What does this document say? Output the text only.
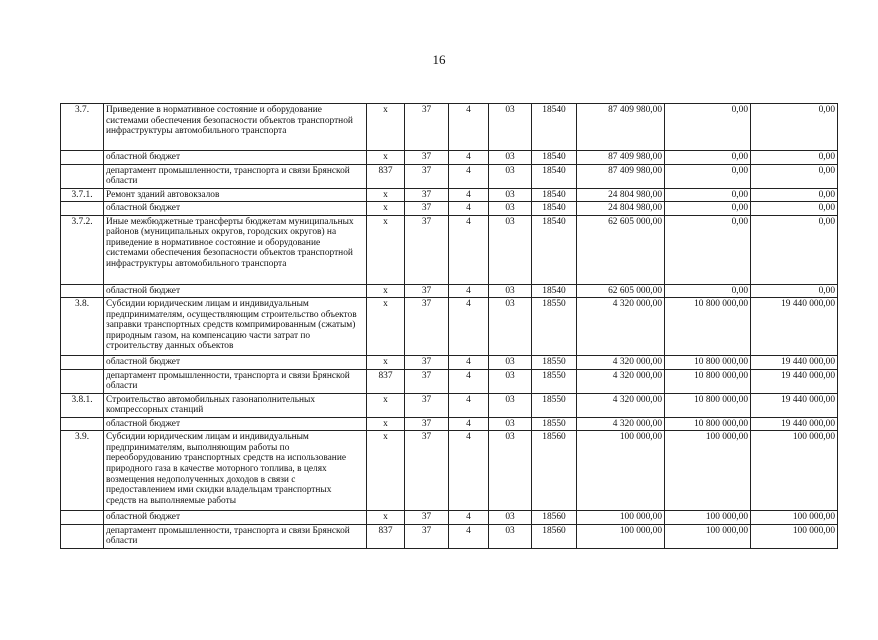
16
3.7.	Приведение в нормативное состояние и оборудование системами обеспечения безопасности объектов транспортной инфраструктуры автомобильного транспорта	x	37	4	03	18540	87 409 980,00	0,00	0,00
	областной бюджет	x	37	4	03	18540	87 409 980,00	0,00	0,00
	департамент промышленности, транспорта и связи Брянской области	837	37	4	03	18540	87 409 980,00	0,00	0,00
3.7.1.	Ремонт зданий автовокзалов	x	37	4	03	18540	24 804 980,00	0,00	0,00
	областной бюджет	x	37	4	03	18540	24 804 980,00	0,00	0,00
3.7.2.	Иные межбюджетные трансферты бюджетам муниципальных районов (муниципальных округов, городских округов) на приведение в нормативное состояние и оборудование системами обеспечения безопасности объектов транспортной инфраструктуры автомобильного транспорта	x	37	4	03	18540	62 605 000,00	0,00	0,00
	областной бюджет	x	37	4	03	18540	62 605 000,00	0,00	0,00
3.8.	Субсидии юридическим лицам и индивидуальным предпринимателям, осуществляющим строительство объектов заправки транспортных средств компримированным (сжатым) природным газом, на компенсацию части затрат по строительству данных объектов	x	37	4	03	18550	4 320 000,00	10 800 000,00	19 440 000,00
	областной бюджет	x	37	4	03	18550	4 320 000,00	10 800 000,00	19 440 000,00
	департамент промышленности, транспорта и связи Брянской области	837	37	4	03	18550	4 320 000,00	10 800 000,00	19 440 000,00
3.8.1.	Строительство автомобильных газонаполнительных компрессорных станций	x	37	4	03	18550	4 320 000,00	10 800 000,00	19 440 000,00
	областной бюджет	x	37	4	03	18550	4 320 000,00	10 800 000,00	19 440 000,00
3.9.	Субсидии юридическим лицам и индивидуальным предпринимателям, выполняющим работы по переоборудованию транспортных средств на использование природного газа в качестве моторного топлива, в целях возмещения недополученных доходов в связи с предоставлением ими скидки владельцам транспортных средств на выполняемые работы	x	37	4	03	18560	100 000,00	100 000,00	100 000,00
	областной бюджет	x	37	4	03	18560	100 000,00	100 000,00	100 000,00
	департамент промышленности, транспорта и связи Брянской области	837	37	4	03	18560	100 000,00	100 000,00	100 000,00
